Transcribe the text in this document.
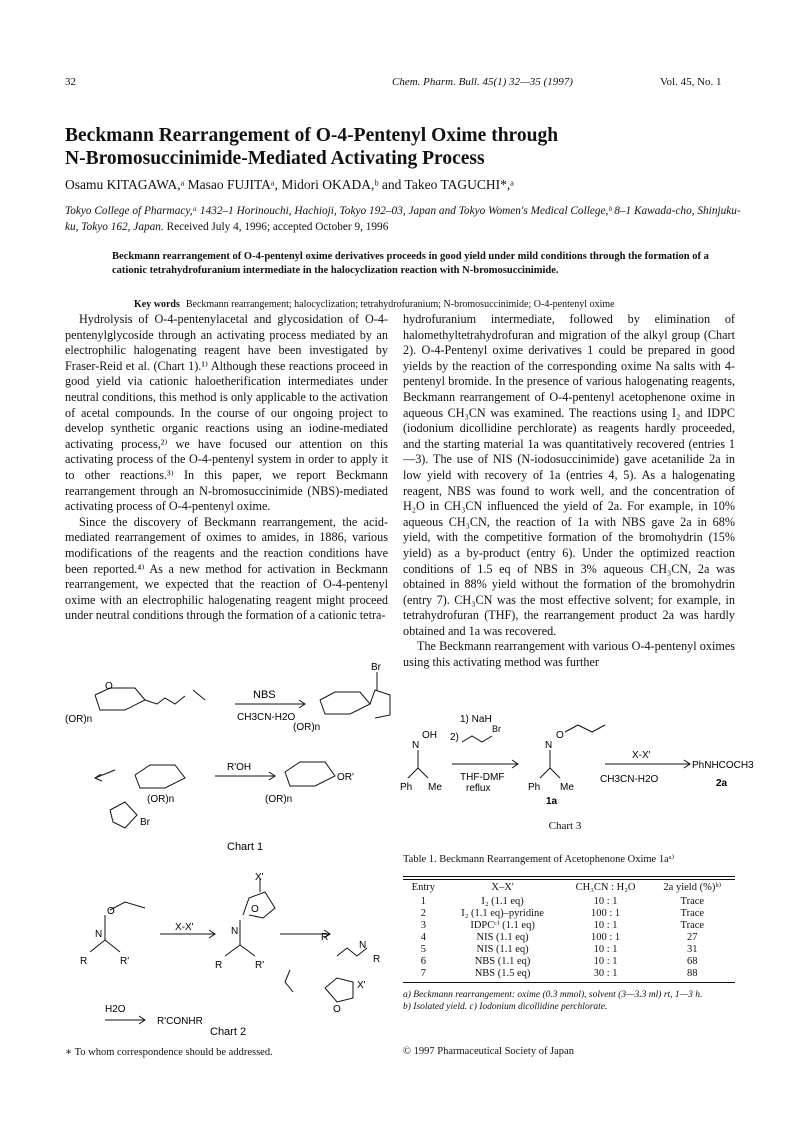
32	Chem. Pharm. Bull. 45(1) 32—35 (1997)	Vol. 45, No. 1
Beckmann Rearrangement of O-4-Pentenyl Oxime through
N-Bromosuccinimide-Mediated Activating Process
Osamu KITAGAWA,ᵃ Masao FUJITAᵃ, Midori OKADA,ᵇ and Takeo TAGUCHI*,ᵃ
Tokyo College of Pharmacy,ᵃ 1432–1 Horinouchi, Hachioji, Tokyo 192–03, Japan and Tokyo Women's Medical College,ᵇ 8–1 Kawada-cho, Shinjuku-ku, Tokyo 162, Japan. Received July 4, 1996; accepted October 9, 1996
Beckmann rearrangement of O-4-pentenyl oxime derivatives proceeds in good yield under mild conditions through the formation of a cationic tetrahydrofuranium intermediate in the halocyclization reaction with N-bromosuccinimide.
Key words Beckmann rearrangement; halocyclization; tetrahydrofuranium; N-bromosuccinimide; O-4-pentenyl oxime

Hydrolysis of O-4-pentenylacetal and glycosidation of O-4-pentenylglycoside through an activating process mediated by an electrophilic halogenating reagent have been investigated by Fraser-Reid et al. (Chart 1).¹⁾ Although these reactions proceed in good yield via cationic haloetherification intermediates under neutral conditions, this method is only applicable to the activation of acetal compounds. In the course of our ongoing project to develop synthetic organic reactions using an iodine-mediated activating process,²⁾ we have focused our attention on this activating process of the O-4-pentenyl system in order to apply it to other reactions.³⁾ In this paper, we report Beckmann rearrangement through an N-bromosuccinimide (NBS)-mediated activating process of O-4-pentenyl oxime.

Since the discovery of Beckmann rearrangement, the acid-mediated rearrangement of oximes to amides, in 1886, various modifications of the reagents and the reaction conditions have been reported.⁴⁾ As a new method for activation in Beckmann rearrangement, we expected that the reaction of O-4-pentenyl oxime with an electrophilic halogenating reagent might proceed under neutral conditions through the formation of a cationic tetra-

hydrofuranium intermediate, followed by elimination of halomethyltetrahydrofuran and migration of the alkyl group (Chart 2). O-4-Pentenyl oxime derivatives 1 could be prepared in good yields by the reaction of the corresponding oxime Na salts with 4-pentenyl bromide. In the presence of various halogenating reagents, Beckmann rearrangement of O-4-pentenyl acetophenone oxime in aqueous CH₃CN was examined. The reactions using I₂ and IDPC (iodonium dicollidine perchlorate) as reagents hardly proceeded, and the starting material 1a was quantitatively recovered (entries 1—3). The use of NIS (N-iodosuccinimide) gave acetanilide 2a in low yield with recovery of 1a (entries 4, 5). As a halogenating reagent, NBS was found to work well, and the concentration of H₂O in CH₃CN influenced the yield of 2a. For example, in 10% aqueous CH₃CN, the reaction of 1a with NBS gave 2a in 68% yield, with the competitive formation of the bromohydrin (15% yield) as a by-product (entry 6). Under the optimized reaction conditions of 1.5 eq of NBS in 3% aqueous CH₃CN, 2a was obtained in 88% yield without the formation of the bromohydrin (entry 7). CH₃CN was the most effective solvent; for example, in tetrahydrofuran (THF), the rearrangement product 2a was hardly obtained and 1a was recovered.

The Beckmann rearrangement with various O-4-pentenyl oximes using this activating method was further

NBS
CH3CN-H2O
O
(OR)n
(OR)n
Br
R'OH
(OR)n	(OR)n
OR'
Br
Chart 1
X'
O
N
R	R'
X-X'	N
O
R	R'
R'
N
R
X'
O
H2O
R'CONHR
Chart 2
1) NaH
2)
Br
OH
N
Ph Me
THF-DMF
reflux
N
O
Ph Me
1a
X-X'
CH3CN-H2O
PhNHCOCH3
2a
Chart 3
Table 1. Beckmann Rearrangement of Acetophenone Oxime 1aᵃ⁾
Entry	X–X'	CH₃CN : H₂O	2a yield (%)ᵇ⁾
1	I₂ (1.1 eq)	10 : 1	Trace
2	I₂ (1.1 eq)–pyridine	100 : 1	Trace
3	IDPCᶜ⁾ (1.1 eq)	10 : 1	Trace
4	NIS (1.1 eq)	100 : 1	27
5	NIS (1.1 eq)	10 : 1	31
6	NBS (1.1 eq)	10 : 1	68
7	NBS (1.5 eq)	30 : 1	88
a) Beckmann rearrangement: oxime (0.3 mmol), solvent (3—3.3 ml) rt, 1—3 h.
b) Isolated yield. c) Iodonium dicollidine perchlorate.
∗ To whom correspondence should be addressed.	© 1997 Pharmaceutical Society of Japan
